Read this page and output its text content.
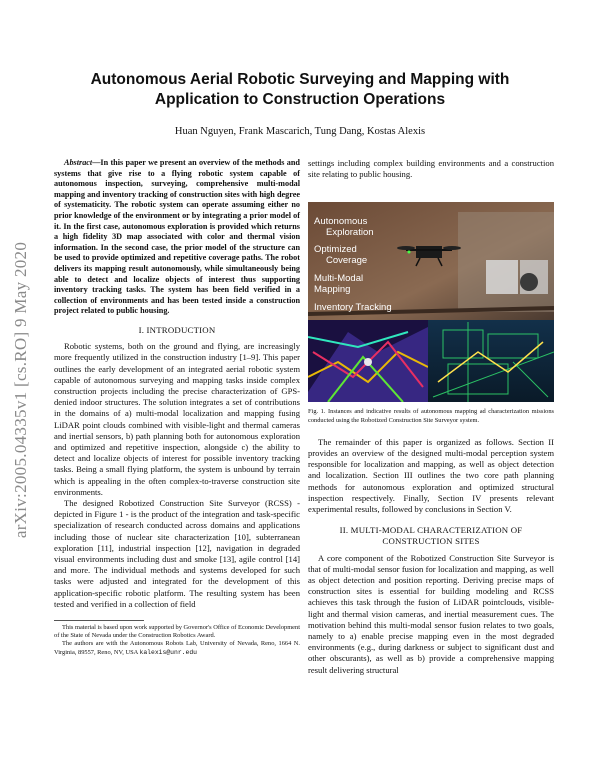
arXiv:2005.04335v1 [cs.RO] 9 May 2020
Autonomous Aerial Robotic Surveying and Mapping with Application to Construction Operations
Huan Nguyen, Frank Mascarich, Tung Dang, Kostas Alexis

Abstract—In this paper we present an overview of the methods and systems that give rise to a flying robotic system capable of autonomous inspection, surveying, comprehensive multi-modal mapping and inventory tracking of construction sites with high degree of systematicity. The robotic system can operate assuming either no prior knowledge of the environment or by integrating a prior model of it. In the first case, autonomous exploration is provided which returns a high fidelity 3D map associated with color and thermal vision information. In the second case, the prior model of the structure can be used to provide optimized and repetitive coverage paths. The robot delivers its mapping result autonomously, while simultaneously being able to detect and localize objects of interest thus supporting inventory tracking tasks. The system has been field verified in a collection of environments and has been tested inside a construction project related to public housing.

I. INTRODUCTION

Robotic systems, both on the ground and flying, are increasingly more frequently utilized in the construction industry [1–9]. This paper outlines the early development of an integrated aerial robotic system capable of autonomous surveying and mapping tasks inside complex construction projects including the precise characterization of GPS-denied indoor structures. The solution integrates a set of contributions in the domains of a) multi-modal localization and mapping fusing LiDAR point clouds combined with visible-light and thermal cameras and inertial sensors, b) path planning both for autonomous exploration and optimized and repetitive inspection, alongside c) the ability to detect and localize objects of interest for possible inventory tracking tasks. Being a small flying platform, the system is unbound by terrain which is appealing in the often complex-to-traverse construction site environments.

The designed Robotized Construction Site Surveyor (RCSS) - depicted in Figure 1 - is the product of the integration and task-specific specialization of research conducted across domains and applications including those of nuclear site characterization [10], subterranean exploration [11], industrial inspection [12], navigation in degraded visual environments including dust and smoke [13], agile control [14] and more. The individual methods and systems developed for such tasks were adjusted and integrated for the development of this application-specific robotic platform. The resulting system has been tested and verified in a collection of field

This material is based upon work supported by Governor's Office of Economic Development of the State of Nevada under the Construction Robotics Award.

The authors are with the Autonomous Robots Lab, University of Nevada, Reno, 1664 N. Virginia, 89557, Reno, NV, USA kalexis@unr.edu

settings including complex building environments and a construction site relating to public housing.

Autonomous
Exploration
Optimized
Coverage
Multi-Modal
Mapping
Inventory Tracking
Fig. 1. Instances and indicative results of autonomous mapping ad characterization missions conducted using the Robotized Construction Site Surveyor system.

The remainder of this paper is organized as follows. Section II provides an overview of the designed multi-modal perception system responsible for localization and mapping, as well as object detection and localization. Section III outlines the two core path planning methods for autonomous exploration and optimized structural inspection respectively. Finally, Section IV presents relevant experimental results, followed by conclusions in Section V.

II. MULTI-MODAL CHARACTERIZATION OF CONSTRUCTION SITES

A core component of the Robotized Construction Site Surveyor is that of multi-modal sensor fusion for localization and mapping, as well as object detection and position reporting. Deriving precise maps of construction sites is essential for building modeling and RCSS achieves this task through the fusion of LiDAR pointclouds, visible-light and thermal vision cameras, and inertial measurement cues. The motivation behind this multi-modal sensor fusion relates to two goals, namely to a) enable precise mapping even in the most degraded environments (e.g., during darkness or subject to significant dust and other obscurants), as well as b) provide a comprehensive mapping result delivering structural
